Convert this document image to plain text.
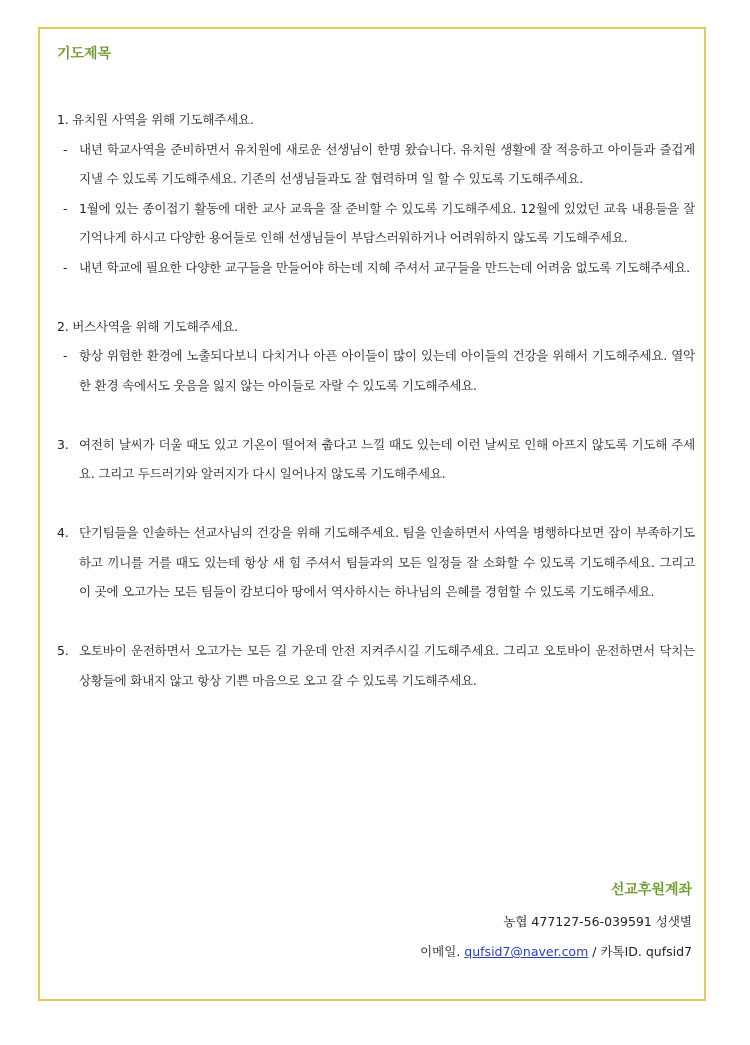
기도제목

1. 유치원 사역을 위해 기도해주세요.

- 내년 학교사역을 준비하면서 유치원에 새로운 선생님이 한명 왔습니다. 유치원 생활에 잘 적응하고 아이들과 즐겁게 지낼 수 있도록 기도해주세요. 기존의 선생님들과도 잘 협력하며 일 할 수 있도록 기도해주세요.

- 1월에 있는 종이접기 활동에 대한 교사 교육을 잘 준비할 수 있도록 기도해주세요. 12월에 있었던 교육 내용들을 잘 기억나게 하시고 다양한 용어들로 인해 선생님들이 부담스러워하거나 어려워하지 않도록 기도해주세요.

- 내년 학교에 필요한 다양한 교구들을 만들어야 하는데 지혜 주셔서 교구들을 만드는데 어려움 없도록 기도해주세요.

2. 버스사역을 위해 기도해주세요.

- 항상 위험한 환경에 노출되다보니 다치거나 아픈 아이들이 많이 있는데 아이들의 건강을 위해서 기도해주세요. 열악한 환경 속에서도 웃음을 잃지 않는 아이들로 자랄 수 있도록 기도해주세요.

3. 여전히 날씨가 더울 때도 있고 기온이 떨어져 춥다고 느낄 때도 있는데 이런 날씨로 인해 아프지 않도록 기도해 주세요. 그리고 두드러기와 알러지가 다시 일어나지 않도록 기도해주세요.

4. 단기팀들을 인솔하는 선교사님의 건강을 위해 기도해주세요. 팀을 인솔하면서 사역을 병행하다보면 잠이 부족하기도 하고 끼니를 거를 때도 있는데 항상 새 힘 주셔서 팀들과의 모든 일정들 잘 소화할 수 있도록 기도해주세요. 그리고 이 곳에 오고가는 모든 팀들이 캄보디아 땅에서 역사하시는 하나님의 은혜를 경험할 수 있도록 기도해주세요.

5. 오토바이 운전하면서 오고가는 모든 길 가운데 안전 지켜주시길 기도해주세요. 그리고 오토바이 운전하면서 닥치는 상황들에 화내지 않고 항상 기쁜 마음으로 오고 갈 수 있도록 기도해주세요.

선교후원계좌
농협 477127-56-039591 성샛별
이메일. qufsid7@naver.com / 카톡ID. qufsid7
